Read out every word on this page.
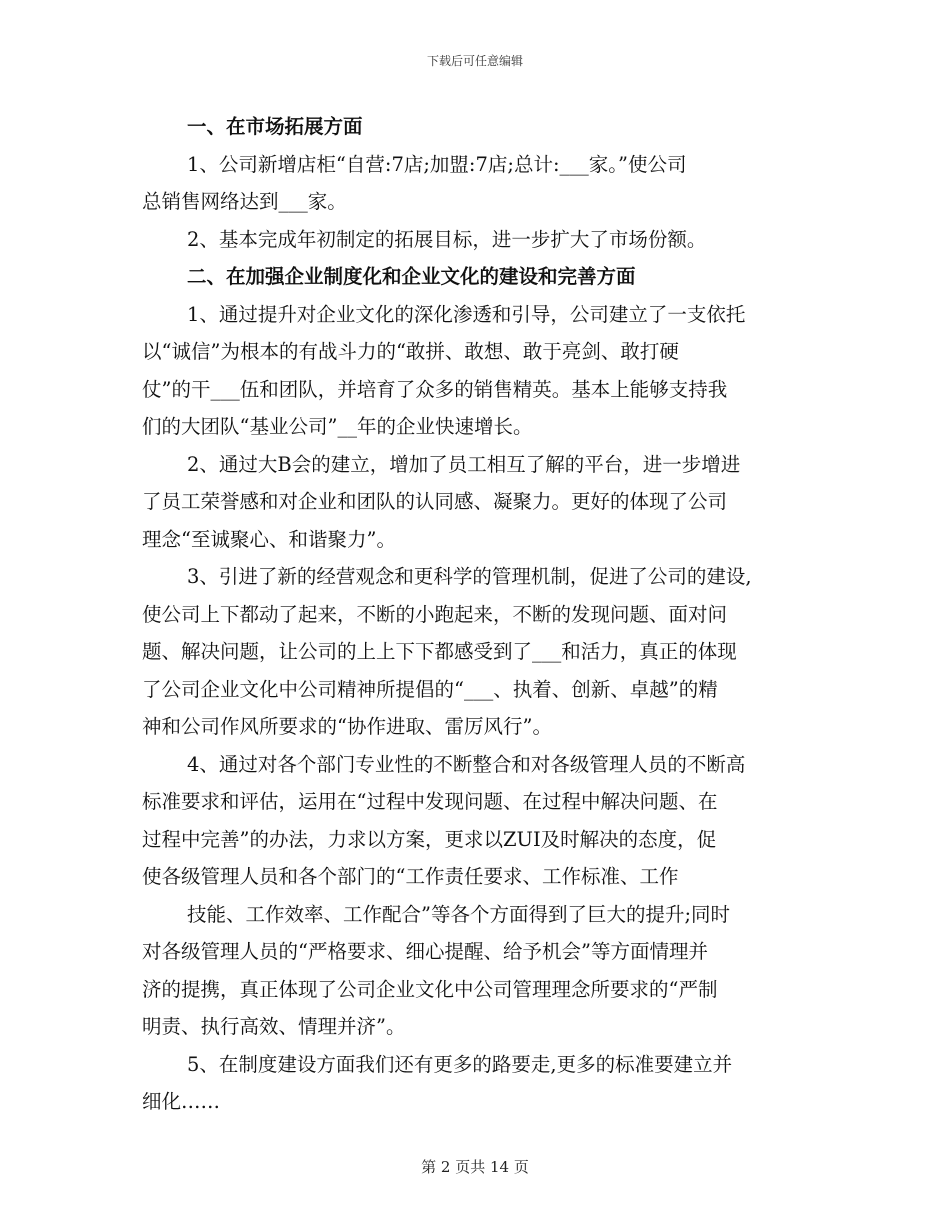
下载后可任意编辑
一、在市场拓展方面
1、公司新增店柜“自营:7店;加盟:7店;总计:___家。”使公司
总销售网络达到___家。
2、基本完成年初制定的拓展目标，进一步扩大了市场份额。
二、在加强企业制度化和企业文化的建设和完善方面
1、通过提升对企业文化的深化渗透和引导，公司建立了一支依托
以“诚信”为根本的有战斗力的“敢拼、敢想、敢于亮剑、敢打硬
仗”的干___伍和团队，并培育了众多的销售精英。基本上能够支持我
们的大团队“基业公司”__年的企业快速增长。
2、通过大B会的建立，增加了员工相互了解的平台，进一步增进
了员工荣誉感和对企业和团队的认同感、凝聚力。更好的体现了公司
理念“至诚聚心、和谐聚力”。
3、引进了新的经营观念和更科学的管理机制，促进了公司的建设,
使公司上下都动了起来，不断的小跑起来，不断的发现问题、面对问
题、解决问题，让公司的上上下下都感受到了___和活力，真正的体现
了公司企业文化中公司精神所提倡的“___、执着、创新、卓越”的精
神和公司作风所要求的“协作进取、雷厉风行”。
4、通过对各个部门专业性的不断整合和对各级管理人员的不断高
标准要求和评估，运用在“过程中发现问题、在过程中解决问题、在
过程中完善”的办法，力求以方案，更求以ZUI及时解决的态度，促
使各级管理人员和各个部门的“工作责任要求、工作标准、工作
技能、工作效率、工作配合”等各个方面得到了巨大的提升;同时
对各级管理人员的“严格要求、细心提醒、给予机会”等方面情理并
济的提携，真正体现了公司企业文化中公司管理理念所要求的“严制
明责、执行高效、情理并济”。
5、在制度建设方面我们还有更多的路要走,更多的标准要建立并
细化……
第 2 页共 14 页
